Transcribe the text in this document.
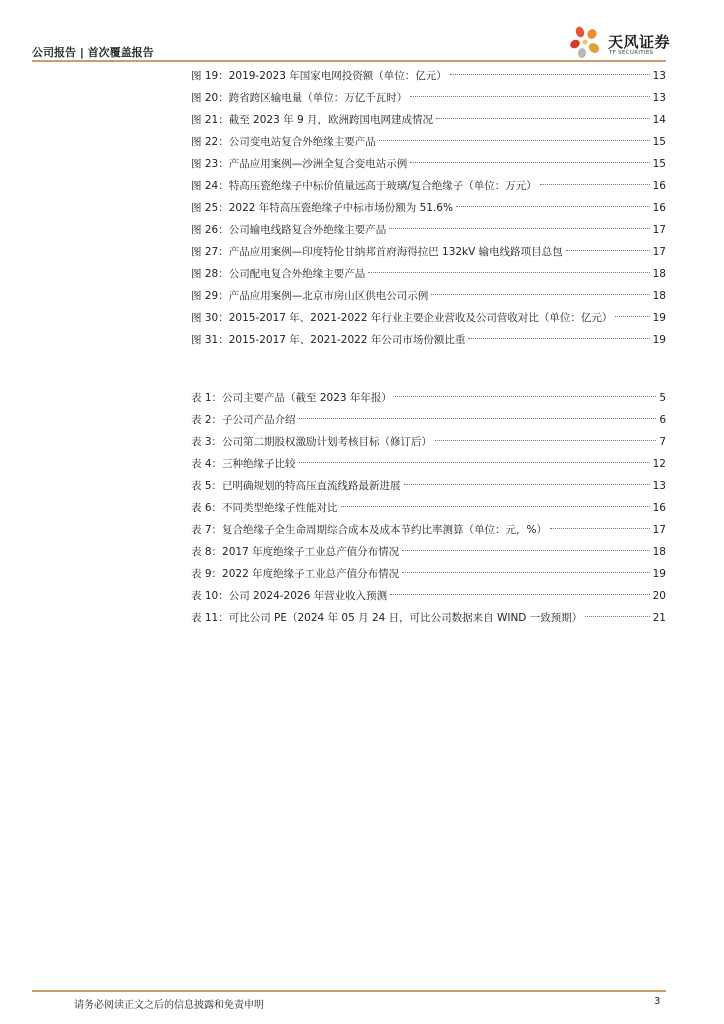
公司报告 | 首次覆盖报告
天风证券
TF SECURITIES
图 19 ： 2019-2023 年国家电网投资额（单位：亿元）	13
图 20 ： 跨省跨区输电量（单位：万亿千瓦时）	13
图 21 ： 截至 2023 年 9 月，欧洲跨国电网建成情况	14
图 22 ： 公司变电站复合外绝缘主要产品	15
图 23 ： 产品应用案例—沙洲全复合变电站示例	15
图 24 ： 特高压瓷绝缘子中标价值量远高于玻璃/复合绝缘子（单位：万元）	16
图 25 ： 2022 年特高压瓷绝缘子中标市场份额为 51.6%	16
图 26 ： 公司输电线路复合外绝缘主要产品	17
图 27 ： 产品应用案例—印度特伦甘纳邦首府海得拉巴 132kV 输电线路项目总包	17
图 28 ： 公司配电复合外绝缘主要产品	18
图 29 ： 产品应用案例—北京市房山区供电公司示例	18
图 30 ： 2015-2017 年、2021-2022 年行业主要企业营收及公司营收对比（单位：亿元）	19
图 31 ： 2015-2017 年、2021-2022 年公司市场份额比重	19
表 1 ： 公司主要产品（截至 2023 年年报）	5
表 2 ： 子公司产品介绍	6
表 3 ： 公司第二期股权激励计划考核目标（修订后）	7
表 4 ： 三种绝缘子比较	12
表 5 ： 已明确规划的特高压直流线路最新进展	13
表 6 ： 不同类型绝缘子性能对比	16
表 7 ： 复合绝缘子全生命周期综合成本及成本节约比率测算（单位：元，%）	17
表 8 ： 2017 年度绝缘子工业总产值分布情况	18
表 9 ： 2022 年度绝缘子工业总产值分布情况	19
表 10 ： 公司 2024-2026 年营业收入预测	20
表 11 ： 可比公司 PE（2024 年 05 月 24 日，可比公司数据来自 WIND 一致预期）	21
请务必阅读正文之后的信息披露和免责申明	3
